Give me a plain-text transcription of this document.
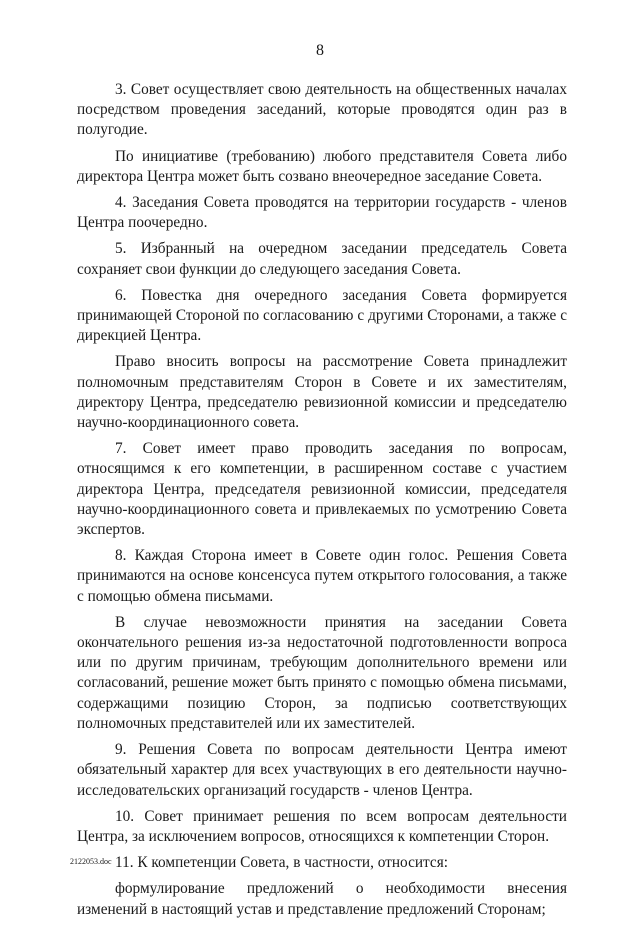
8

3. Совет осуществляет свою деятельность на общественных началах посредством проведения заседаний, которые проводятся один раз в полугодие.

По инициативе (требованию) любого представителя Совета либо директора Центра может быть созвано внеочередное заседание Совета.

4. Заседания Совета проводятся на территории государств - членов Центра поочередно.

5. Избранный на очередном заседании председатель Совета сохраняет свои функции до следующего заседания Совета.

6. Повестка дня очередного заседания Совета формируется принимающей Стороной по согласованию с другими Сторонами, а также с дирекцией Центра.

Право вносить вопросы на рассмотрение Совета принадлежит полномочным представителям Сторон в Совете и их заместителям, директору Центра, председателю ревизионной комиссии и председателю научно-координационного совета.

7. Совет имеет право проводить заседания по вопросам, относящимся к его компетенции, в расширенном составе с участием директора Центра, председателя ревизионной комиссии, председателя научно-координационного совета и привлекаемых по усмотрению Совета экспертов.

8. Каждая Сторона имеет в Совете один голос. Решения Совета принимаются на основе консенсуса путем открытого голосования, а также с помощью обмена письмами.

В случае невозможности принятия на заседании Совета окончательного решения из-за недостаточной подготовленности вопроса или по другим причинам, требующим дополнительного времени или согласований, решение может быть принято с помощью обмена письмами, содержащими позицию Сторон, за подписью соответствующих полномочных представителей или их заместителей.

9. Решения Совета по вопросам деятельности Центра имеют обязательный характер для всех участвующих в его деятельности научно-исследовательских организаций государств - членов Центра.

10. Совет принимает решения по всем вопросам деятельности Центра, за исключением вопросов, относящихся к компетенции Сторон.

11. К компетенции Совета, в частности, относится:

формулирование предложений о необходимости внесения изменений в настоящий устав и представление предложений Сторонам;

2122053.doc
